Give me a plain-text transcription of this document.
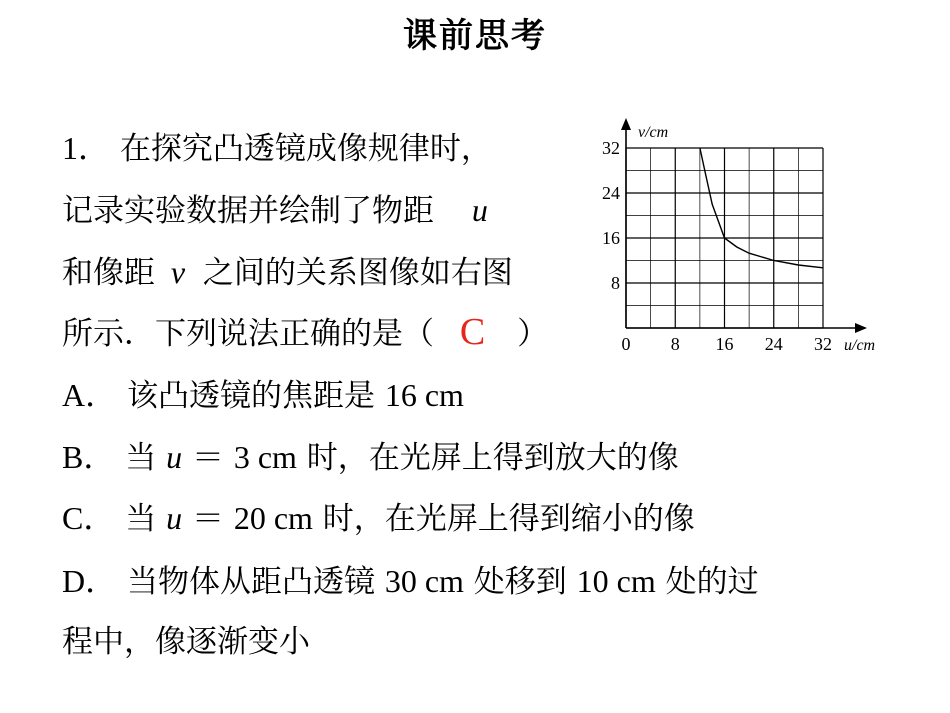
课前思考
1． 在探究凸透镜成像规律时，
记录实验数据并绘制了物距 u
和像距 v 之间的关系图像如右图
所示．下列说法正确的是（ C ）
A． 该凸透镜的焦距是 16 cm
B． 当 u ＝ 3 cm 时，在光屏上得到放大的像
C． 当 u ＝ 20 cm 时，在光屏上得到缩小的像
D． 当物体从距凸透镜 30 cm 处移到 10 cm 处的过
程中，像逐渐变小
0 8 16 24 32
8
16
24
32
v/cm
u/cm
